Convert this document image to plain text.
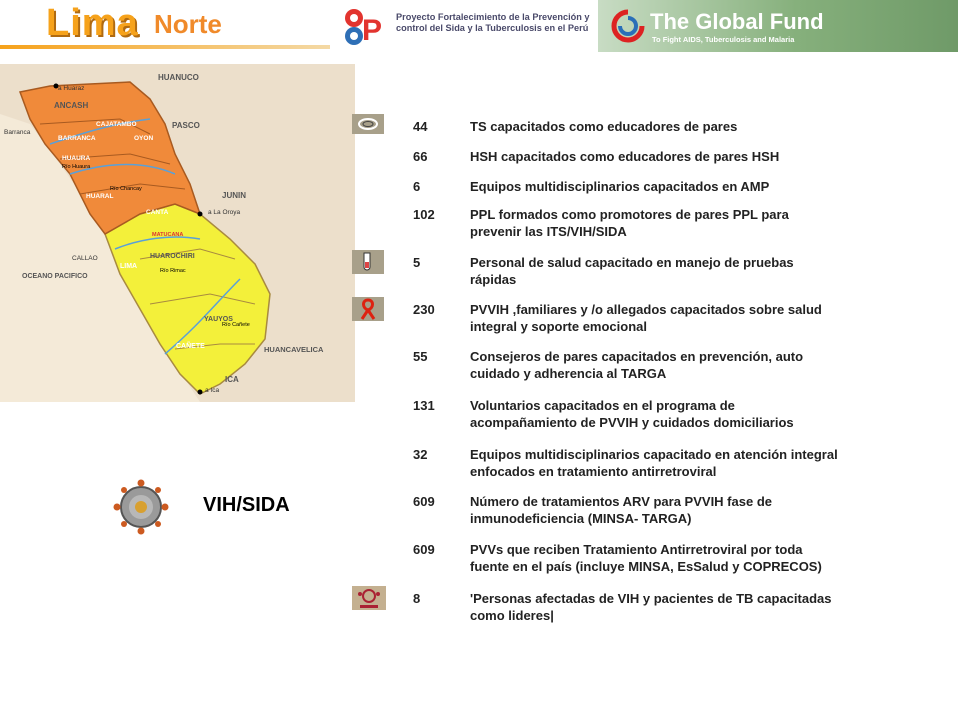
Lima Norte	P Proyecto Fortalecimiento de la Prevención y control del Sida y la Tuberculosis en el Perú	The Global Fund
To Fight AIDS, Tuberculosis and Malaria
HUANUCO
a Huaraz
ANCASH
PASCO
Barranca
JUNIN
a La Oroya
CALLAO
OCEANO PACIFICO
HUANCAVELICA
ICA
a Ica
BARRANCA
CAJATAMBO
OYON
HUAURA
Río Huaura
Río Chancay
HUARAL
CANTA
MATUCANA
HUAROCHIRI
LIMA
Río Rimac
YAUYOS
Río Cañete
CAÑETE
VIH/SIDA
44	TS capacitados como educadores de pares
66	HSH capacitados como educadores de pares HSH
6	Equipos multidisciplinarios capacitados en AMP
102	PPL formados como promotores de pares PPL para prevenir las ITS/VIH/SIDA
5	Personal de salud capacitado en manejo de pruebas rápidas
230	PVVIH ,familiares y /o allegados capacitados sobre salud integral y soporte emocional
55	Consejeros de pares capacitados en prevención, auto cuidado y adherencia al TARGA
131	Voluntarios capacitados en el programa de acompañamiento de PVVIH y cuidados domiciliarios
32	Equipos multidisciplinarios capacitado en atención integral enfocados en tratamiento antirretroviral
609	Número de tratamientos ARV para PVVIH fase de inmunodeficiencia (MINSA- TARGA)
609	PVVs que reciben Tratamiento Antirretroviral por toda fuente en el país (incluye MINSA, EsSalud y COPRECOS)
8	'Personas afectadas de VIH y pacientes de TB capacitadas como lideres|
